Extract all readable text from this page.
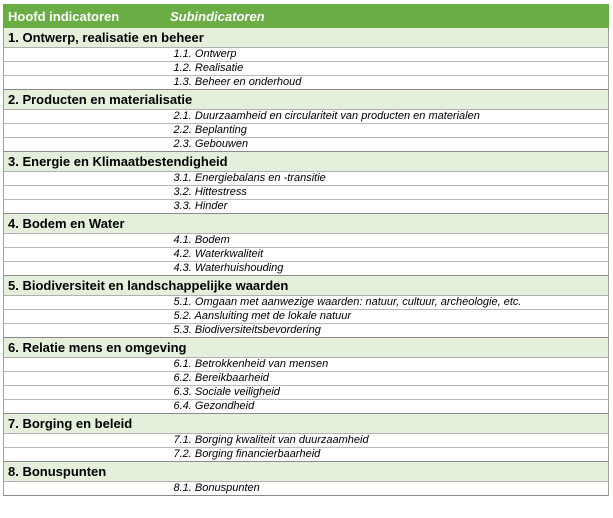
Hoofd indicatoren	Subindicatoren
1. Ontwerp, realisatie en beheer	
	1.1. Ontwerp
	1.2. Realisatie
	1.3. Beheer en onderhoud
2. Producten en materialisatie	
	2.1. Duurzaamheid en circulariteit van producten en materialen
	2.2. Beplanting
	2.3. Gebouwen
3. Energie en Klimaatbestendigheid	
	3.1. Energiebalans en -transitie
	3.2. Hittestress
	3.3. Hinder
4. Bodem en Water	
	4.1. Bodem
	4.2. Waterkwaliteit
	4.3. Waterhuishouding
5. Biodiversiteit en landschappelijke waarden	
	5.1. Omgaan met aanwezige waarden: natuur, cultuur, archeologie, etc.
	5.2. Aansluiting met de lokale natuur
	5.3. Biodiversiteitsbevordering
6. Relatie mens en omgeving	
	6.1. Betrokkenheid van mensen
	6.2. Bereikbaarheid
	6.3. Sociale veiligheid
	6.4. Gezondheid
7. Borging en beleid	
	7.1. Borging kwaliteit van duurzaamheid
	7.2. Borging financierbaarheid
8. Bonuspunten	
	8.1. Bonuspunten
